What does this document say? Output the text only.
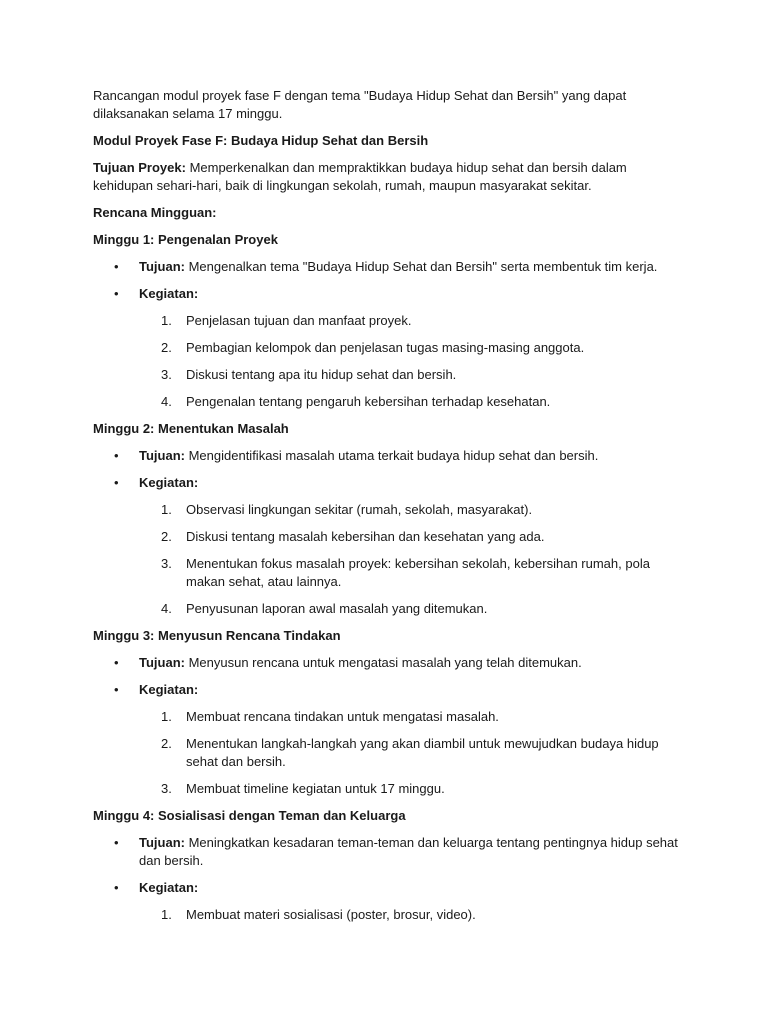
Rancangan modul proyek fase F dengan tema "Budaya Hidup Sehat dan Bersih" yang dapat dilaksanakan selama 17 minggu.

Modul Proyek Fase F: Budaya Hidup Sehat dan Bersih

Tujuan Proyek: Memperkenalkan dan mempraktikkan budaya hidup sehat dan bersih dalam kehidupan sehari-hari, baik di lingkungan sekolah, rumah, maupun masyarakat sekitar.

Rencana Mingguan:

Minggu 1: Pengenalan Proyek

• Tujuan: Mengenalkan tema "Budaya Hidup Sehat dan Bersih" serta membentuk tim kerja.
• Kegiatan:
1. Penjelasan tujuan dan manfaat proyek.
2. Pembagian kelompok dan penjelasan tugas masing-masing anggota.
3. Diskusi tentang apa itu hidup sehat dan bersih.
4. Pengenalan tentang pengaruh kebersihan terhadap kesehatan.

Minggu 2: Menentukan Masalah

• Tujuan: Mengidentifikasi masalah utama terkait budaya hidup sehat dan bersih.
• Kegiatan:
1. Observasi lingkungan sekitar (rumah, sekolah, masyarakat).
2. Diskusi tentang masalah kebersihan dan kesehatan yang ada.
3. Menentukan fokus masalah proyek: kebersihan sekolah, kebersihan rumah, pola makan sehat, atau lainnya.
4. Penyusunan laporan awal masalah yang ditemukan.

Minggu 3: Menyusun Rencana Tindakan

• Tujuan: Menyusun rencana untuk mengatasi masalah yang telah ditemukan.
• Kegiatan:
1. Membuat rencana tindakan untuk mengatasi masalah.
2. Menentukan langkah-langkah yang akan diambil untuk mewujudkan budaya hidup sehat dan bersih.
3. Membuat timeline kegiatan untuk 17 minggu.

Minggu 4: Sosialisasi dengan Teman dan Keluarga

• Tujuan: Meningkatkan kesadaran teman-teman dan keluarga tentang pentingnya hidup sehat dan bersih.
• Kegiatan:
1. Membuat materi sosialisasi (poster, brosur, video).
